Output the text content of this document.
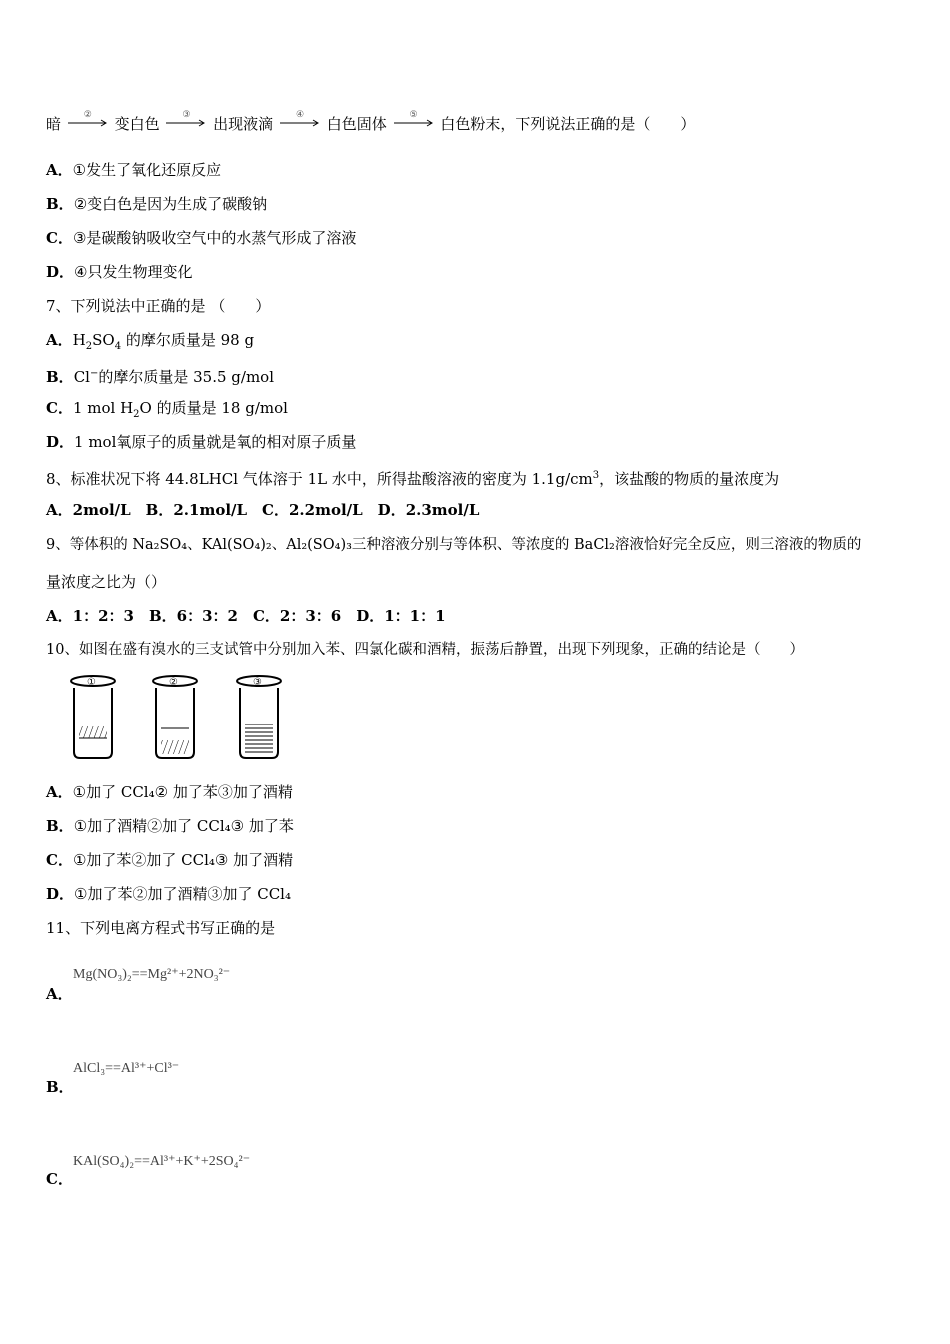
暗	② 变白色	③ 出现液滴	④ 白色固体	⑤ 白色粉末，下列说法正确的是（　　）
A．①发生了氧化还原反应
B．②变白色是因为生成了碳酸钠
C．③是碳酸钠吸收空气中的水蒸气形成了溶液
D．④只发生物理变化
7、下列说法中正确的是 （　　）
A．$H_2SO_4$ 的摩尔质量是 98 g
B．Cl−的摩尔质量是 35.5 g/mol
C．1 mol $H_2O$ 的质量是 18 g/mol
D．1 mol氧原子的质量就是氧的相对原子质量
8、标准状况下将 44.8LHCl 气体溶于 1L 水中，所得盐酸溶液的密度为 $1.1g/cm^3$，该盐酸的物质的量浓度为
A．2mol/L　B．2.1mol/L　C．2.2mol/L　D．2.3mol/L
9、等体积的 Na₂SO₄、KAl(SO₄)₂、Al₂(SO₄)₃三种溶液分别与等体积、等浓度的 BaCl₂溶液恰好完全反应，则三溶液的物质的
量浓度之比为（）
A．1：2：3　B．6：3：2　C．2：3：6　D．1：1：1
10、如图在盛有溴水的三支试管中分别加入苯、四氯化碳和酒精，振荡后静置，出现下列现象，正确的结论是（　　）
①	②	③
A．①加了 CCl₄② 加了苯③加了酒精
B．①加了酒精②加了 CCl₄③ 加了苯
C．①加了苯②加了 CCl₄③ 加了酒精
D．①加了苯②加了酒精③加了 CCl₄
11、下列电离方程式书写正确的是
Mg(NO₃)₂==Mg²⁺+2NO₃²⁻
A．
AlCl₃==Al³⁺+Cl³⁻
B．
KAl(SO₄)₂==Al³⁺+K⁺+2SO₄²⁻
C．
